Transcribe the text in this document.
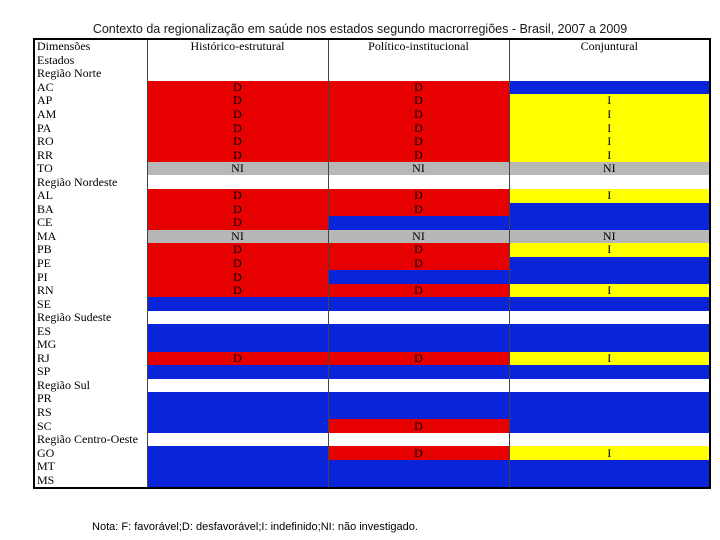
Contexto da regionalização em saúde nos estados segundo macrorregiões - Brasil, 2007 a 2009
Dimensões	Histórico-estrutural	Político-institucional	Conjuntural
Estados			
Região Norte			
AC	D	D	F
AP	D	D	I
AM	D	D	I
PA	D	D	I
RO	D	D	I
RR	D	D	I
TO	NI	NI	NI
Região Nordeste			
AL	D	D	I
BA	D	D	F
CE	D	F	F
MA	NI	NI	NI
PB	D	D	I
PE	D	D	F
PI	D	F	F
RN	D	D	I
SE	F	F	F
Região Sudeste			
ES	F	F	F
MG	F	F	F
RJ	D	D	I
SP	F	F	F
Região Sul			
PR	F	F	F
RS	F	F	F
SC	F	D	F
Região Centro-Oeste			
GO	F	D	I
MT	F	F	F
MS	F	F	F
Nota: F: favorável;D: desfavorável;I: indefinido;NI: não investigado.
